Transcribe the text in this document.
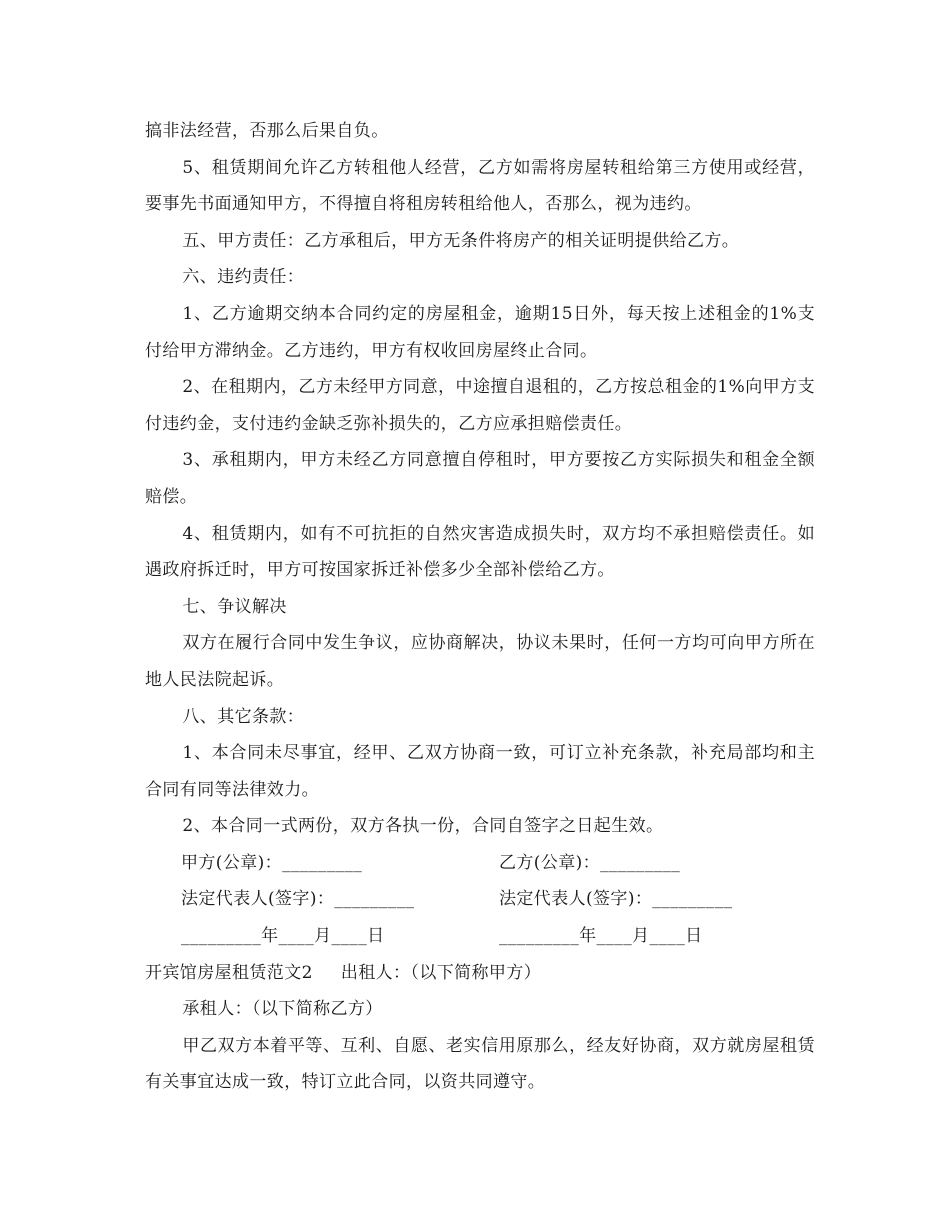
搞非法经营，否那么后果自负。

5、租赁期间允许乙方转租他人经营，乙方如需将房屋转租给第三方使用或经营，要事先书面通知甲方，不得擅自将租房转租给他人，否那么，视为违约。

五、甲方责任：乙方承租后，甲方无条件将房产的相关证明提供给乙方。

六、违约责任：

1、乙方逾期交纳本合同约定的房屋租金，逾期15日外，每天按上述租金的1%支付给甲方滞纳金。乙方违约，甲方有权收回房屋终止合同。

2、在租期内，乙方未经甲方同意，中途擅自退租的，乙方按总租金的1%向甲方支付违约金，支付违约金缺乏弥补损失的，乙方应承担赔偿责任。

3、承租期内，甲方未经乙方同意擅自停租时，甲方要按乙方实际损失和租金全额赔偿。

4、租赁期内，如有不可抗拒的自然灾害造成损失时，双方均不承担赔偿责任。如遇政府拆迁时，甲方可按国家拆迁补偿多少全部补偿给乙方。

七、争议解决

双方在履行合同中发生争议，应协商解决，协议未果时，任何一方均可向甲方所在地人民法院起诉。

八、其它条款：

1、本合同未尽事宜，经甲、乙双方协商一致，可订立补充条款，补充局部均和主合同有同等法律效力。

2、本合同一式两份，双方各执一份，合同自签字之日起生效。

甲方(公章)：_________	乙方(公章)：_________
法定代表人(签字)：_________	法定代表人(签字)：_________
_________年____月____日	_________年____月____日

开宾馆房屋租赁范文2 出租人：（以下简称甲方）

承租人：（以下简称乙方）

甲乙双方本着平等、互利、自愿、老实信用原那么，经友好协商，双方就房屋租赁有关事宜达成一致，特订立此合同，以资共同遵守。
